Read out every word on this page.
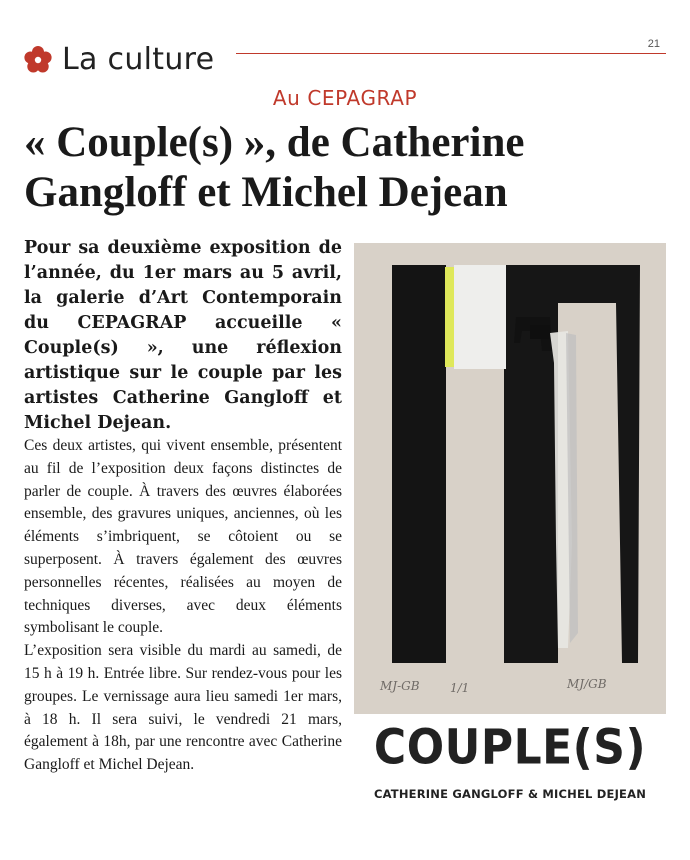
La culture	21
Au CEPAGRAP
« Couple(s) », de Catherine Gangloff et Michel Dejean

Pour sa deuxième exposition de l’année, du 1er mars au 5 avril, la galerie d’Art Contemporain du CEPAGRAP accueille « Couple(s) », une réflexion artistique sur le couple par les artistes Catherine Gangloff et Michel Dejean.

Ces deux artistes, qui vivent ensemble, présentent au fil de l’exposition deux façons distinctes de parler de couple. À travers des œuvres élaborées ensemble, des gravures uniques, anciennes, où les éléments s’imbriquent, se côtoient ou se superposent. À travers également des œuvres personnelles récentes, réalisées au moyen de techniques diverses, avec deux éléments symbolisant le couple.

L’exposition sera visible du mardi au samedi, de 15 h à 19 h. Entrée libre. Sur rendez-vous pour les groupes. Le vernissage aura lieu samedi 1er mars, à 18 h. Il sera suivi, le vendredi 21 mars, également à 18h, par une rencontre avec Catherine Gangloff et Michel Dejean.

MJ-GB	1/1	MJ/GB
COUPLE(S)
CATHERINE GANGLOFF & MICHEL DEJEAN
